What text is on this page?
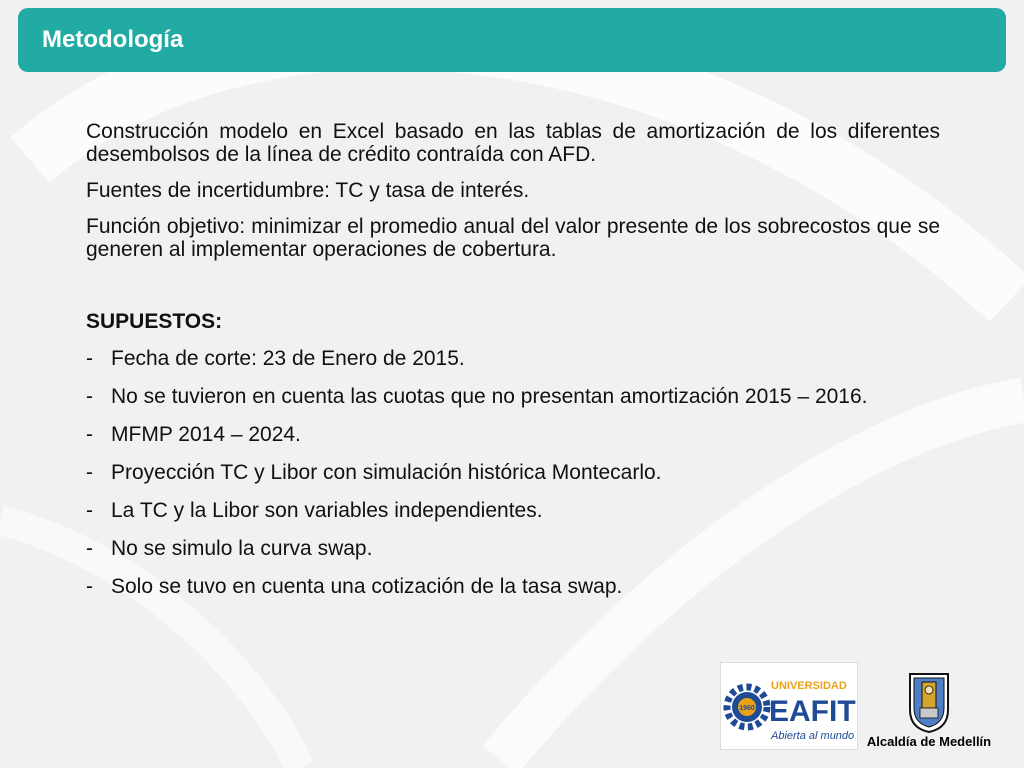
Metodología

Construcción modelo en Excel basado en las tablas de amortización de los diferentes desembolsos de la línea de crédito contraída con AFD.

Fuentes de incertidumbre: TC y tasa de interés.

Función objetivo: minimizar el promedio anual del valor presente de los sobrecostos que se generen al implementar operaciones de cobertura.

SUPUESTOS:
- Fecha de corte: 23 de Enero de 2015.
- No se tuvieron en cuenta las cuotas que no presentan amortización 2015 – 2016.
- MFMP 2014 – 2024.
- Proyección TC y Libor con simulación histórica Montecarlo.
- La TC y la Libor son variables independientes.
- No se simulo la curva swap.
- Solo se tuvo en cuenta una cotización de la tasa swap.
1960
UNIVERSIDAD
EAFIT
Abierta al mundo Alcaldía de Medellín
